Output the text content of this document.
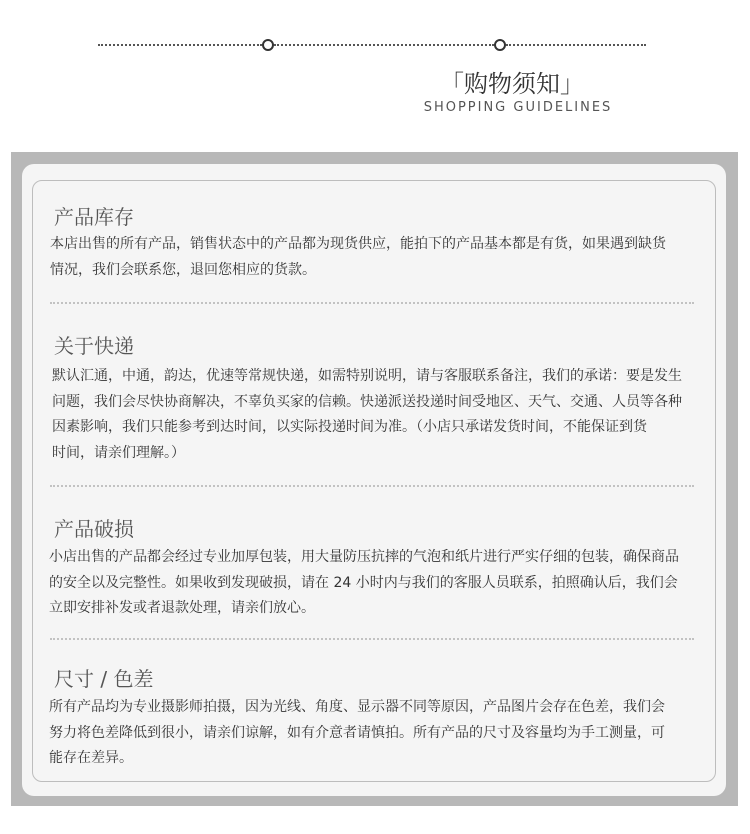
「购物须知」
SHOPPING GUIDELINES
产品库存
本店出售的所有产品，销售状态中的产品都为现货供应，能拍下的产品基本都是有货，如果遇到缺货
情况，我们会联系您，退回您相应的货款。
关于快递
默认汇通，中通，韵达，优速等常规快递，如需特别说明，请与客服联系备注，我们的承诺：要是发生
问题，我们会尽快协商解决，不辜负买家的信赖。快递派送投递时间受地区、天气、交通、人员等各种
因素影响，我们只能参考到达时间，以实际投递时间为准。（小店只承诺发货时间，不能保证到货
时间，请亲们理解。）
产品破损
小店出售的产品都会经过专业加厚包装，用大量防压抗摔的气泡和纸片进行严实仔细的包装，确保商品
的安全以及完整性。如果收到发现破损，请在 24 小时内与我们的客服人员联系，拍照确认后，我们会
立即安排补发或者退款处理，请亲们放心。
尺寸 / 色差
所有产品均为专业摄影师拍摄，因为光线、角度、显示器不同等原因，产品图片会存在色差，我们会
努力将色差降低到很小，请亲们谅解，如有介意者请慎拍。所有产品的尺寸及容量均为手工测量，可
能存在差异。
